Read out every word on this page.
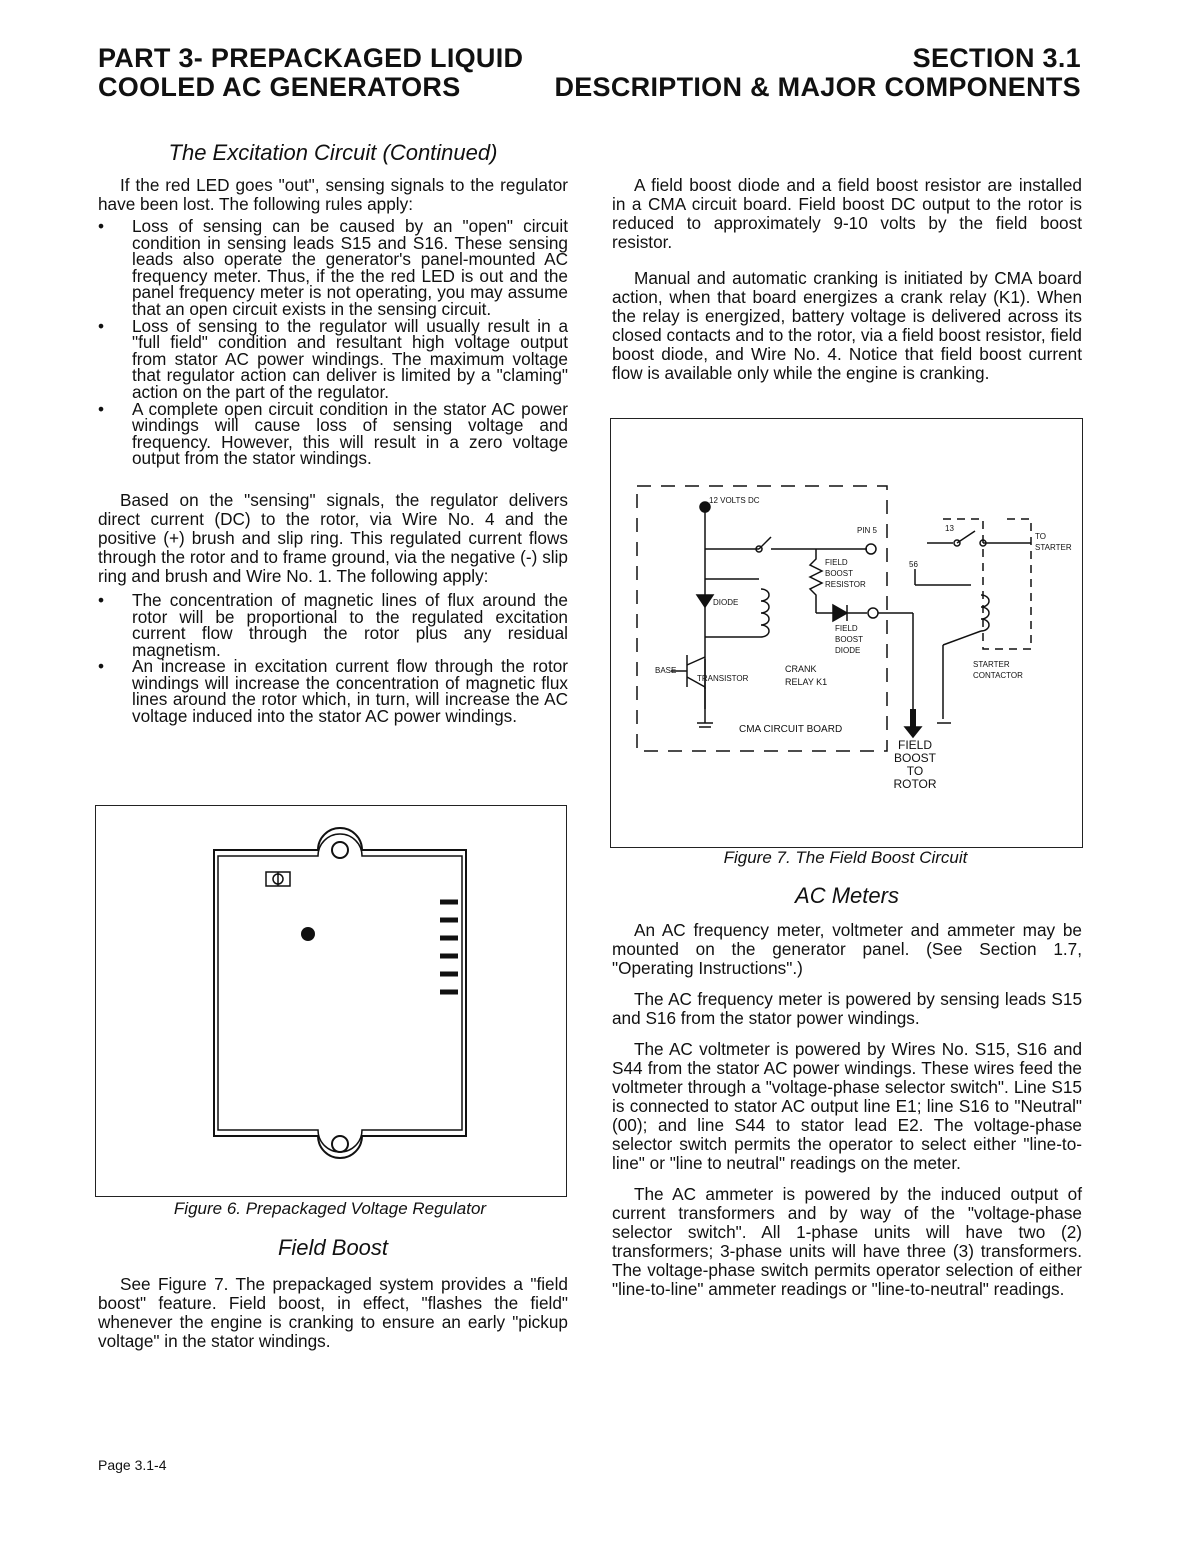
PART 3- PREPACKAGED LIQUID
COOLED AC GENERATORS
SECTION 3.1
DESCRIPTION & MAJOR COMPONENTS
The Excitation Circuit (Continued)

If the red LED goes "out", sensing signals to the regulator have been lost. The following rules apply:

• Loss of sensing can be caused by an "open" circuit condition in sensing leads S15 and S16. These sensing leads also operate the generator's panel-mounted AC frequency meter. Thus, if the the red LED is out and the panel frequency meter is not operating, you may assume that an open circuit exists in the sensing circuit.
• Loss of sensing to the regulator will usually result in a "full field" condition and resultant high voltage output from stator AC power windings. The maximum voltage that regulator action can deliver is limited by a "claming" action on the part of the regulator.
• A complete open circuit condition in the stator AC power windings will cause loss of sensing voltage and frequency. However, this will result in a zero voltage output from the stator windings.

Based on the "sensing" signals, the regulator delivers direct current (DC) to the rotor, via Wire No. 4 and the positive (+) brush and slip ring. This regulated current flows through the rotor and to frame ground, via the negative (-) slip ring and brush and Wire No. 1. The following apply:

• The concentration of magnetic lines of flux around the rotor will be proportional to the regulated excitation current flow through the rotor plus any residual magnetism.
• An increase in excitation current flow through the rotor windings will increase the concentration of magnetic flux lines around the rotor which, in turn, will increase the AC voltage induced into the stator AC power windings.
Figure 6. Prepackaged Voltage Regulator
Field Boost

See Figure 7. The prepackaged system provides a "field boost" feature. Field boost, in effect, "flashes the field" whenever the engine is cranking to ensure an early "pickup voltage" in the stator windings.

A field boost diode and a field boost resistor are installed in a CMA circuit board. Field boost DC output to the rotor is reduced to approximately 9-10 volts by the field boost resistor.

Manual and automatic cranking is initiated by CMA board action, when that board energizes a crank relay (K1). When the relay is energized, battery voltage is delivered across its closed contacts and to the rotor, via a field boost resistor, field boost diode, and Wire No. 4. Notice that field boost current flow is available only while the engine is cranking.

12 VOLTS DC
PIN 5
FIELD
BOOST
RESISTOR
DIODE
FIELD
BOOST
DIODE
BASE
TRANSISTOR
CRANK
RELAY K1
CMA CIRCUIT BOARD
13
56
TO
STARTER
STARTER
CONTACTOR
FIELD
BOOST
TO
ROTOR
Figure 7. The Field Boost Circuit
AC Meters

An AC frequency meter, voltmeter and ammeter may be mounted on the generator panel. (See Section 1.7, "Operating Instructions".)

The AC frequency meter is powered by sensing leads S15 and S16 from the stator power windings.

The AC voltmeter is powered by Wires No. S15, S16 and S44 from the stator AC power windings. These wires feed the voltmeter through a "voltage-phase selector switch". Line S15 is connected to stator AC output line E1; line S16 to "Neutral" (00); and line S44 to stator lead E2. The voltage-phase selector switch permits the operator to select either "line-to-line" or "line to neutral" readings on the meter.

The AC ammeter is powered by the induced output of current transformers and by way of the "voltage-phase selector switch". All 1-phase units will have two (2) transformers; 3-phase units will have three (3) transformers. The voltage-phase switch permits operator selection of either "line-to-line" ammeter readings or "line-to-neutral" readings.

Page 3.1-4
